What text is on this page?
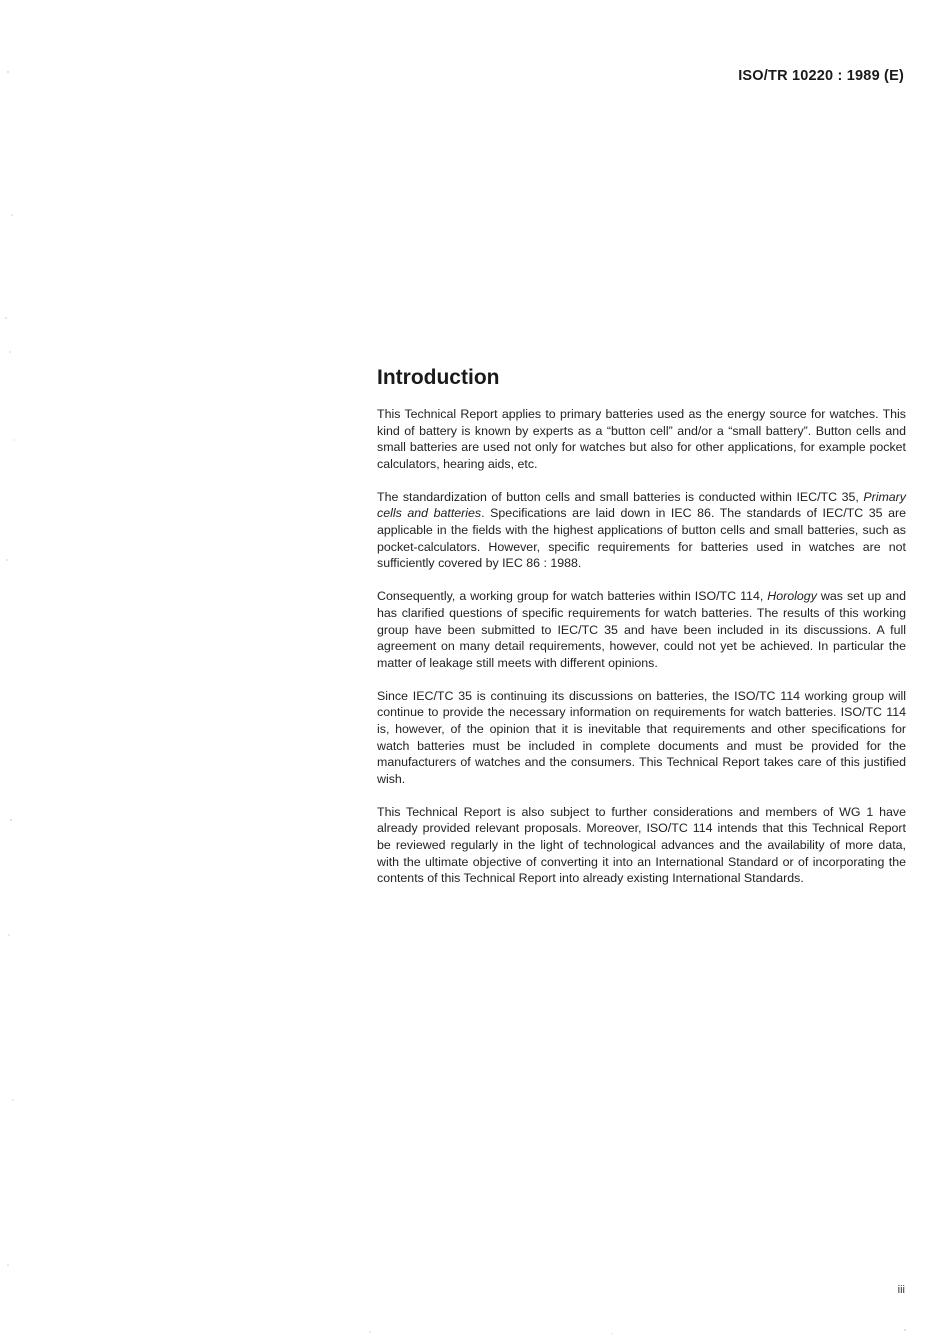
ISO/TR 10220 : 1989 (E)
Introduction

This Technical Report applies to primary batteries used as the energy source for watches. This kind of battery is known by experts as a “button cell” and/or a “small battery”. Button cells and small batteries are used not only for watches but also for other applications, for example pocket calculators, hearing aids, etc.

The standardization of button cells and small batteries is conducted within IEC/TC 35, Primary cells and batteries. Specifications are laid down in IEC 86. The standards of IEC/TC 35 are applicable in the fields with the highest applications of button cells and small batteries, such as pocket-calculators. However, specific requirements for batteries used in watches are not sufficiently covered by IEC 86 : 1988.

Consequently, a working group for watch batteries within ISO/TC 114, Horology was set up and has clarified questions of specific requirements for watch batteries. The results of this working group have been submitted to IEC/TC 35 and have been included in its discussions. A full agreement on many detail requirements, however, could not yet be achieved. In particular the matter of leakage still meets with different opinions.

Since IEC/TC 35 is continuing its discussions on batteries, the ISO/TC 114 working group will continue to provide the necessary information on requirements for watch batteries. ISO/TC 114 is, however, of the opinion that it is inevitable that requirements and other specifications for watch batteries must be included in complete documents and must be provided for the manufacturers of watches and the consumers. This Technical Report takes care of this justified wish.

This Technical Report is also subject to further considerations and members of WG 1 have already provided relevant proposals. Moreover, ISO/TC 114 intends that this Technical Report be reviewed regularly in the light of technological advances and the availability of more data, with the ultimate objective of converting it into an International Standard or of incorporating the contents of this Technical Report into already existing International Standards.

iii
